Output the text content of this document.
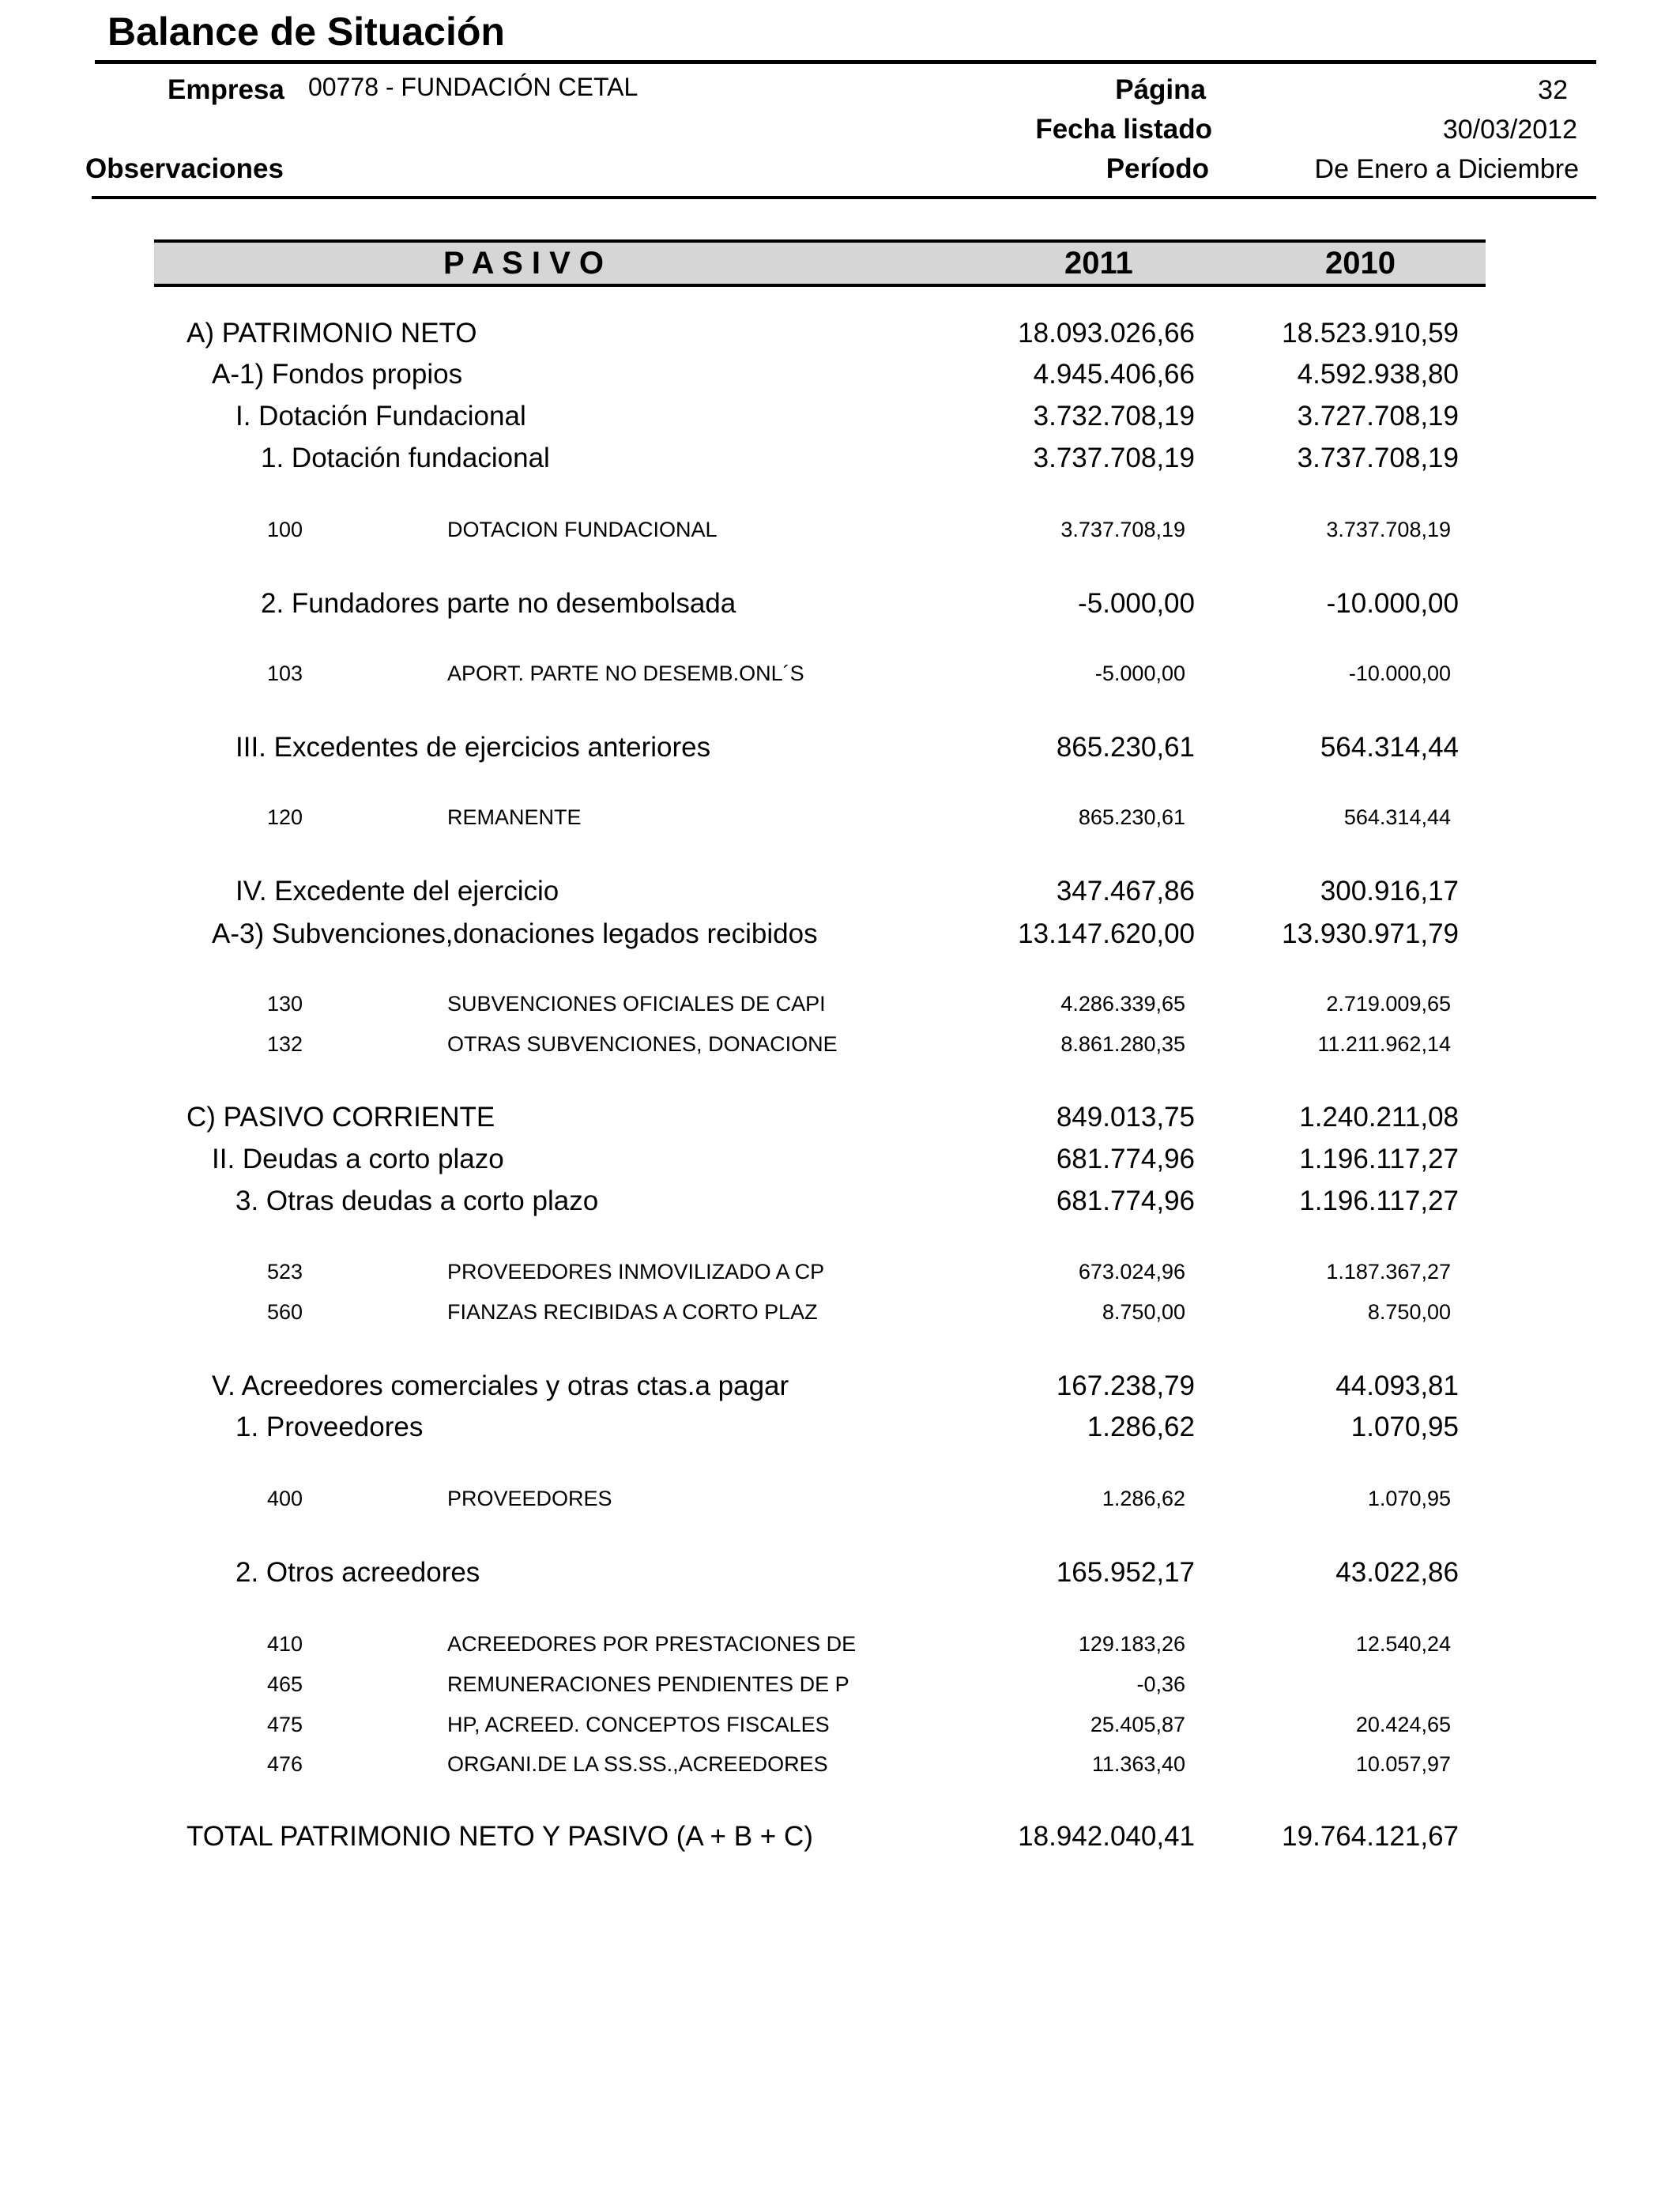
Balance de Situación
Empresa 00778 - FUNDACIÓN CETAL	Página	32
Fecha listado	30/03/2012
Observaciones	Período	De Enero a Diciembre
P A S I V O	2011	2010
A) PATRIMONIO NETO	18.093.026,66	18.523.910,59
A-1) Fondos propios	4.945.406,66	4.592.938,80
I. Dotación Fundacional	3.732.708,19	3.727.708,19
1. Dotación fundacional	3.737.708,19	3.737.708,19
100	DOTACION FUNDACIONAL	3.737.708,19	3.737.708,19
2. Fundadores parte no desembolsada	-5.000,00	-10.000,00
103	APORT. PARTE NO DESEMB.ONL´S	-5.000,00	-10.000,00
III. Excedentes de ejercicios anteriores	865.230,61	564.314,44
120	REMANENTE	865.230,61	564.314,44
IV. Excedente del ejercicio	347.467,86	300.916,17
A-3) Subvenciones,donaciones legados recibidos	13.147.620,00	13.930.971,79
130	SUBVENCIONES OFICIALES DE CAPI	4.286.339,65	2.719.009,65
132	OTRAS SUBVENCIONES, DONACIONE	8.861.280,35	11.211.962,14
C) PASIVO CORRIENTE	849.013,75	1.240.211,08
II. Deudas a corto plazo	681.774,96	1.196.117,27
3. Otras deudas a corto plazo	681.774,96	1.196.117,27
523	PROVEEDORES INMOVILIZADO A CP	673.024,96	1.187.367,27
560	FIANZAS RECIBIDAS A CORTO PLAZ	8.750,00	8.750,00
V. Acreedores comerciales y otras ctas.a pagar	167.238,79	44.093,81
1. Proveedores	1.286,62	1.070,95
400	PROVEEDORES	1.286,62	1.070,95
2. Otros acreedores	165.952,17	43.022,86
410	ACREEDORES POR PRESTACIONES DE	129.183,26	12.540,24
465	REMUNERACIONES PENDIENTES DE P	-0,36
475	HP, ACREED. CONCEPTOS FISCALES	25.405,87	20.424,65
476	ORGANI.DE LA SS.SS.,ACREEDORES	11.363,40	10.057,97
TOTAL PATRIMONIO NETO Y PASIVO (A + B + C)	18.942.040,41	19.764.121,67
